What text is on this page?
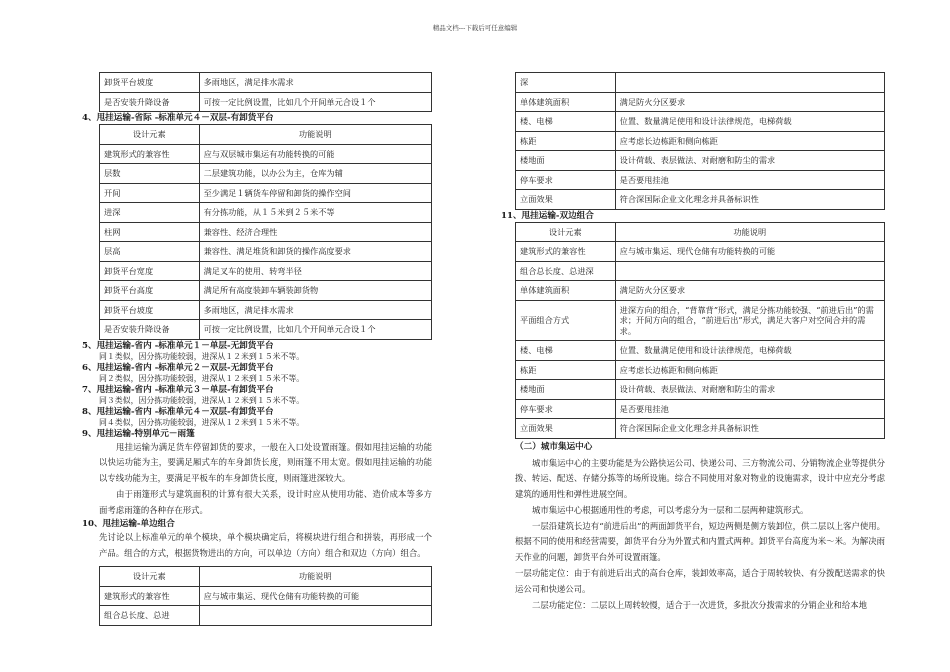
精品文档---下载后可任意编辑
卸货平台坡度	多雨地区，满足排水需求
是否安装升降设备	可按一定比例设置，比如几个开间单元合设１个
4、甩挂运输-省际 -标准单元４－双层-有卸货平台
设计元素	功能说明
建筑形式的兼容性	应与双层城市集运有功能转换的可能
层数	二层建筑功能，以办公为主，仓库为辅
开间	至少满足１辆货车停留和卸货的操作空间
进深	有分拣功能，从１５米到２５米不等
柱网	兼容性、经济合理性
层高	兼容性、满足堆货和卸货的操作高度要求
卸货平台宽度	满足叉车的使用、转弯半径
卸货平台高度	满足所有高度装卸车辆装卸货物
卸货平台坡度	多雨地区，满足排水需求
是否安装升降设备	可按一定比例设置，比如几个开间单元合设１个
5、甩挂运输-省内 -标准单元１－单层-无卸货平台

同１类似，因分拣功能较弱，进深从１２米到１５米不等。

6、甩挂运输-省内 -标准单元２－双层-无卸货平台

同２类似，因分拣功能较弱，进深从１２米到１５米不等。

7、甩挂运输-省内 -标准单元３－单层-有卸货平台

同３类似，因分拣功能较弱，进深从１２米到１５米不等。

8、甩挂运输-省内 -标准单元４－双层-有卸货平台

同４类似，因分拣功能较弱，进深从１２米到１５米不等。

9、甩挂运输-特别单元－雨篷

甩挂运输为满足货车停留卸货的要求，一般在入口处设置雨篷。假如甩挂运输的功能以快运功能为主，要满足厢式车的车身卸货长度，则雨篷不用太宽。假如甩挂运输的功能以专线功能为主，要满足平板车的车身卸货长度，则雨篷进深较大。

由于雨篷形式与建筑面积的计算有很大关系，设计时应从使用功能、造价成本等多方面考虑雨篷的各种存在形式。

10、甩挂运输-单边组合

先讨论以上标准单元的单个模块，单个模块确定后，将模块进行组合和拼装，再形成一个产品。组合的方式，根据货物进出的方向，可以单边（方向）组合和双边（方向）组合。

设计元素	功能说明
建筑形式的兼容性	应与城市集运、现代仓储有功能转换的可能
组合总长度、总进	
深	
单体建筑面积	满足防火分区要求
楼、电梯	位置、数量满足使用和设计法律规范，电梯荷载
栋距	应考虑长边栋距和侧向栋距
楼地面	设计荷载、表层做法、对耐磨和防尘的需求
停车要求	是否要甩挂池
立面效果	符合深国际企业文化理念并具备标识性
11、甩挂运输-双边组合
设计元素	功能说明
建筑形式的兼容性	应与城市集运、现代仓储有功能转换的可能
组合总长度、总进深	
单体建筑面积	满足防火分区要求
平面组合方式	进深方向的组合，“背靠背”形式，满足分拣功能较强、“前进后出”的需求；开间方向的组合，“前进后出”形式，满足大客户对空间合并的需求。
楼、电梯	位置、数量满足使用和设计法律规范，电梯荷载
栋距	应考虑长边栋距和侧向栋距
楼地面	设计荷载、表层做法、对耐磨和防尘的需求
停车要求	是否要甩挂池
立面效果	符合深国际企业文化理念并具备标识性
（二）城市集运中心

城市集运中心的主要功能是为公路快运公司、快递公司、三方物流公司、分销物流企业等提供分拨、转运、配送、存储分拣等的场所设施。综合不同使用对象对物业的设施需求，设计中应充分考虑建筑的通用性和弹性进展空间。

城市集运中心根据通用性的考虑，可以考虑分为一层和二层两种建筑形式。

一层沿建筑长边有“前进后出”的两面卸货平台，短边两侧是侧方装卸位，供二层以上客户使用。根据不同的使用和经营需要，卸货平台分为外置式和内置式两种。卸货平台高度为米～米。为解决雨天作业的问题，卸货平台外可设置雨篷。

一层功能定位：由于有前进后出式的高台仓库，装卸效率高，适合于周转较快、有分拨配送需求的快运公司和快递公司。

二层功能定位：二层以上周转较慢，适合于一次进货，多批次分拨需求的分销企业和给本地
